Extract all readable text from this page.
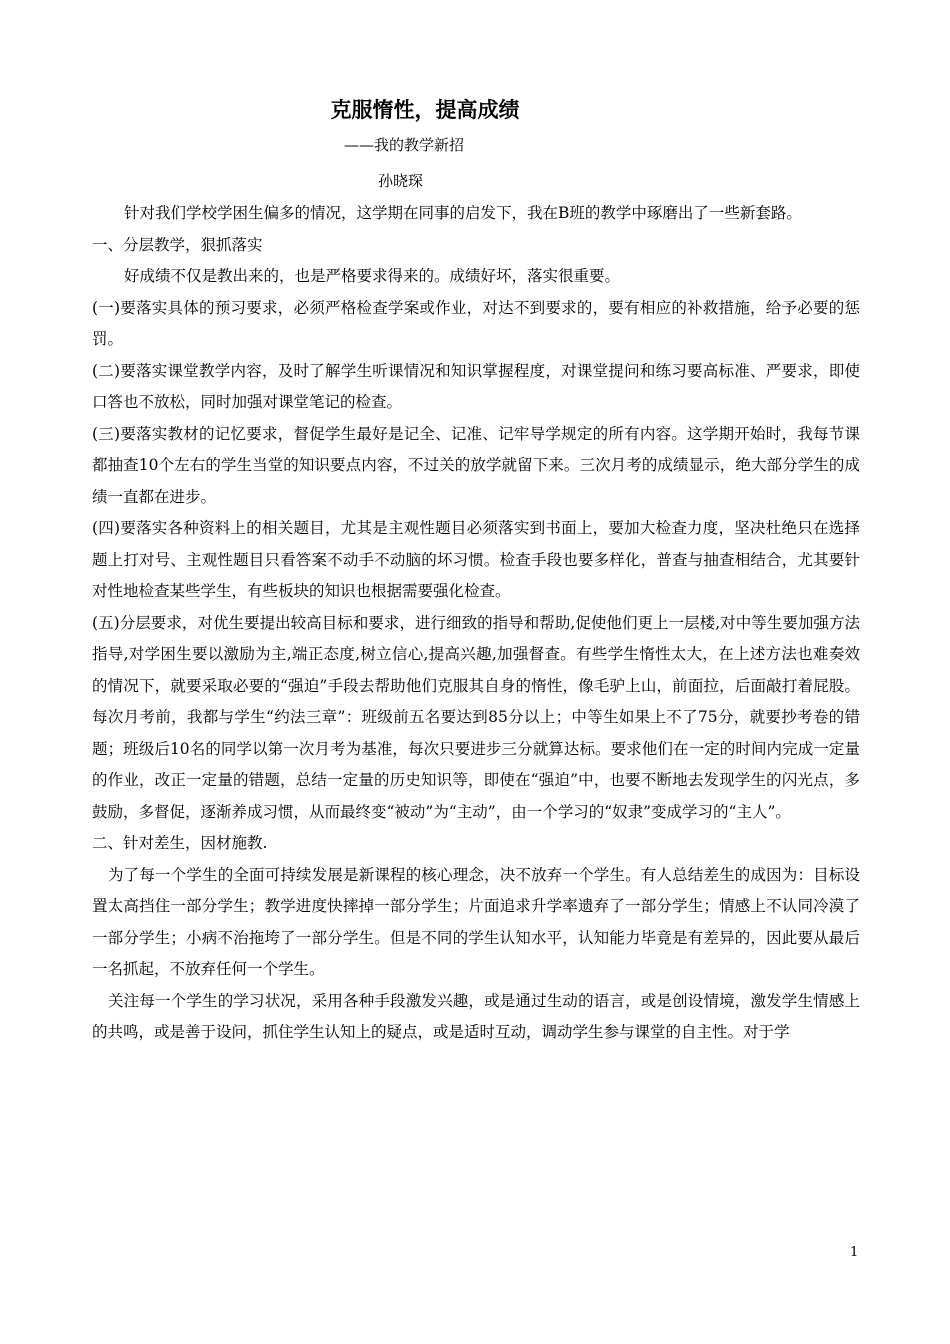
克服惰性，提高成绩
——我的教学新招
孙晓琛

针对我们学校学困生偏多的情况，这学期在同事的启发下，我在B班的教学中琢磨出了一些新套路。

一、分层教学，狠抓落实

好成绩不仅是教出来的，也是严格要求得来的。成绩好坏，落实很重要。

(一)要落实具体的预习要求，必须严格检查学案或作业，对达不到要求的，要有相应的补救措施，给予必要的惩罚。

(二)要落实课堂教学内容，及时了解学生听课情况和知识掌握程度，对课堂提问和练习要高标准、严要求，即使口答也不放松，同时加强对课堂笔记的检查。

(三)要落实教材的记忆要求，督促学生最好是记全、记准、记牢导学规定的所有内容。这学期开始时，我每节课都抽查10个左右的学生当堂的知识要点内容，不过关的放学就留下来。三次月考的成绩显示，绝大部分学生的成绩一直都在进步。

(四)要落实各种资料上的相关题目，尤其是主观性题目必须落实到书面上，要加大检查力度，坚决杜绝只在选择题上打对号、主观性题目只看答案不动手不动脑的坏习惯。检查手段也要多样化，普查与抽查相结合，尤其要针对性地检查某些学生，有些板块的知识也根据需要强化检查。

(五)分层要求，对优生要提出较高目标和要求，进行细致的指导和帮助,促使他们更上一层楼,对中等生要加强方法指导,对学困生要以激励为主,端正态度,树立信心,提高兴趣,加强督查。有些学生惰性太大，在上述方法也难奏效的情况下，就要采取必要的“强迫”手段去帮助他们克服其自身的惰性，像毛驴上山，前面拉，后面敲打着屁股。每次月考前，我都与学生“约法三章”：班级前五名要达到85分以上；中等生如果上不了75分，就要抄考卷的错题；班级后10名的同学以第一次月考为基准，每次只要进步三分就算达标。要求他们在一定的时间内完成一定量的作业，改正一定量的错题，总结一定量的历史知识等，即使在“强迫”中，也要不断地去发现学生的闪光点，多鼓励，多督促，逐渐养成习惯，从而最终变“被动”为“主动”，由一个学习的“奴隶”变成学习的“主人”。

二、针对差生，因材施教.

为了每一个学生的全面可持续发展是新课程的核心理念，决不放弃一个学生。有人总结差生的成因为：目标设置太高挡住一部分学生；教学进度快摔掉一部分学生；片面追求升学率遗弃了一部分学生；情感上不认同冷漠了一部分学生；小病不治拖垮了一部分学生。但是不同的学生认知水平，认知能力毕竟是有差异的，因此要从最后一名抓起，不放弃任何一个学生。

关注每一个学生的学习状况，采用各种手段激发兴趣，或是通过生动的语言，或是创设情境，激发学生情感上的共鸣，或是善于设问，抓住学生认知上的疑点，或是适时互动，调动学生参与课堂的自主性。对于学

1
